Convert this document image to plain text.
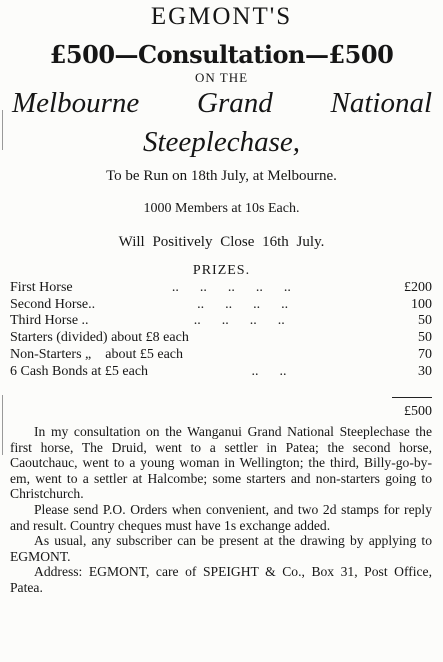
EGMONT'S
£500—Consultation—£500
ON THE
Melbourne Grand National
Steeplechase,
To be Run on 18th July, at Melbourne.
1000 Members at 10s Each.
Will Positively Close 16th July.
PRIZES.
First Horse	..      ..      ..      ..      ..	£200
Second Horse..	..      ..      ..      ..	100
Third Horse ..	..      ..      ..      ..	50
Starters (divided) about £8 each	50
Non-Starters „    about £5 each	70
6 Cash Bonds at £5 each	..      ..	30
£500

In my consultation on the Wanganui Grand National Steeplechase the first horse, The Druid, went to a settler in Patea; the second horse, Caoutchauc, went to a young woman in Wellington; the third, Billy-go-by-em, went to a settler at Halcombe; some starters and non-starters going to Christchurch.

Please send P.O. Orders when convenient, and two 2d stamps for reply and result. Country cheques must have 1s exchange added.

As usual, any subscriber can be present at the drawing by applying to EGMONT.

Address: EGMONT, care of SPEIGHT & Co., Box 31, Post Office, Patea.
